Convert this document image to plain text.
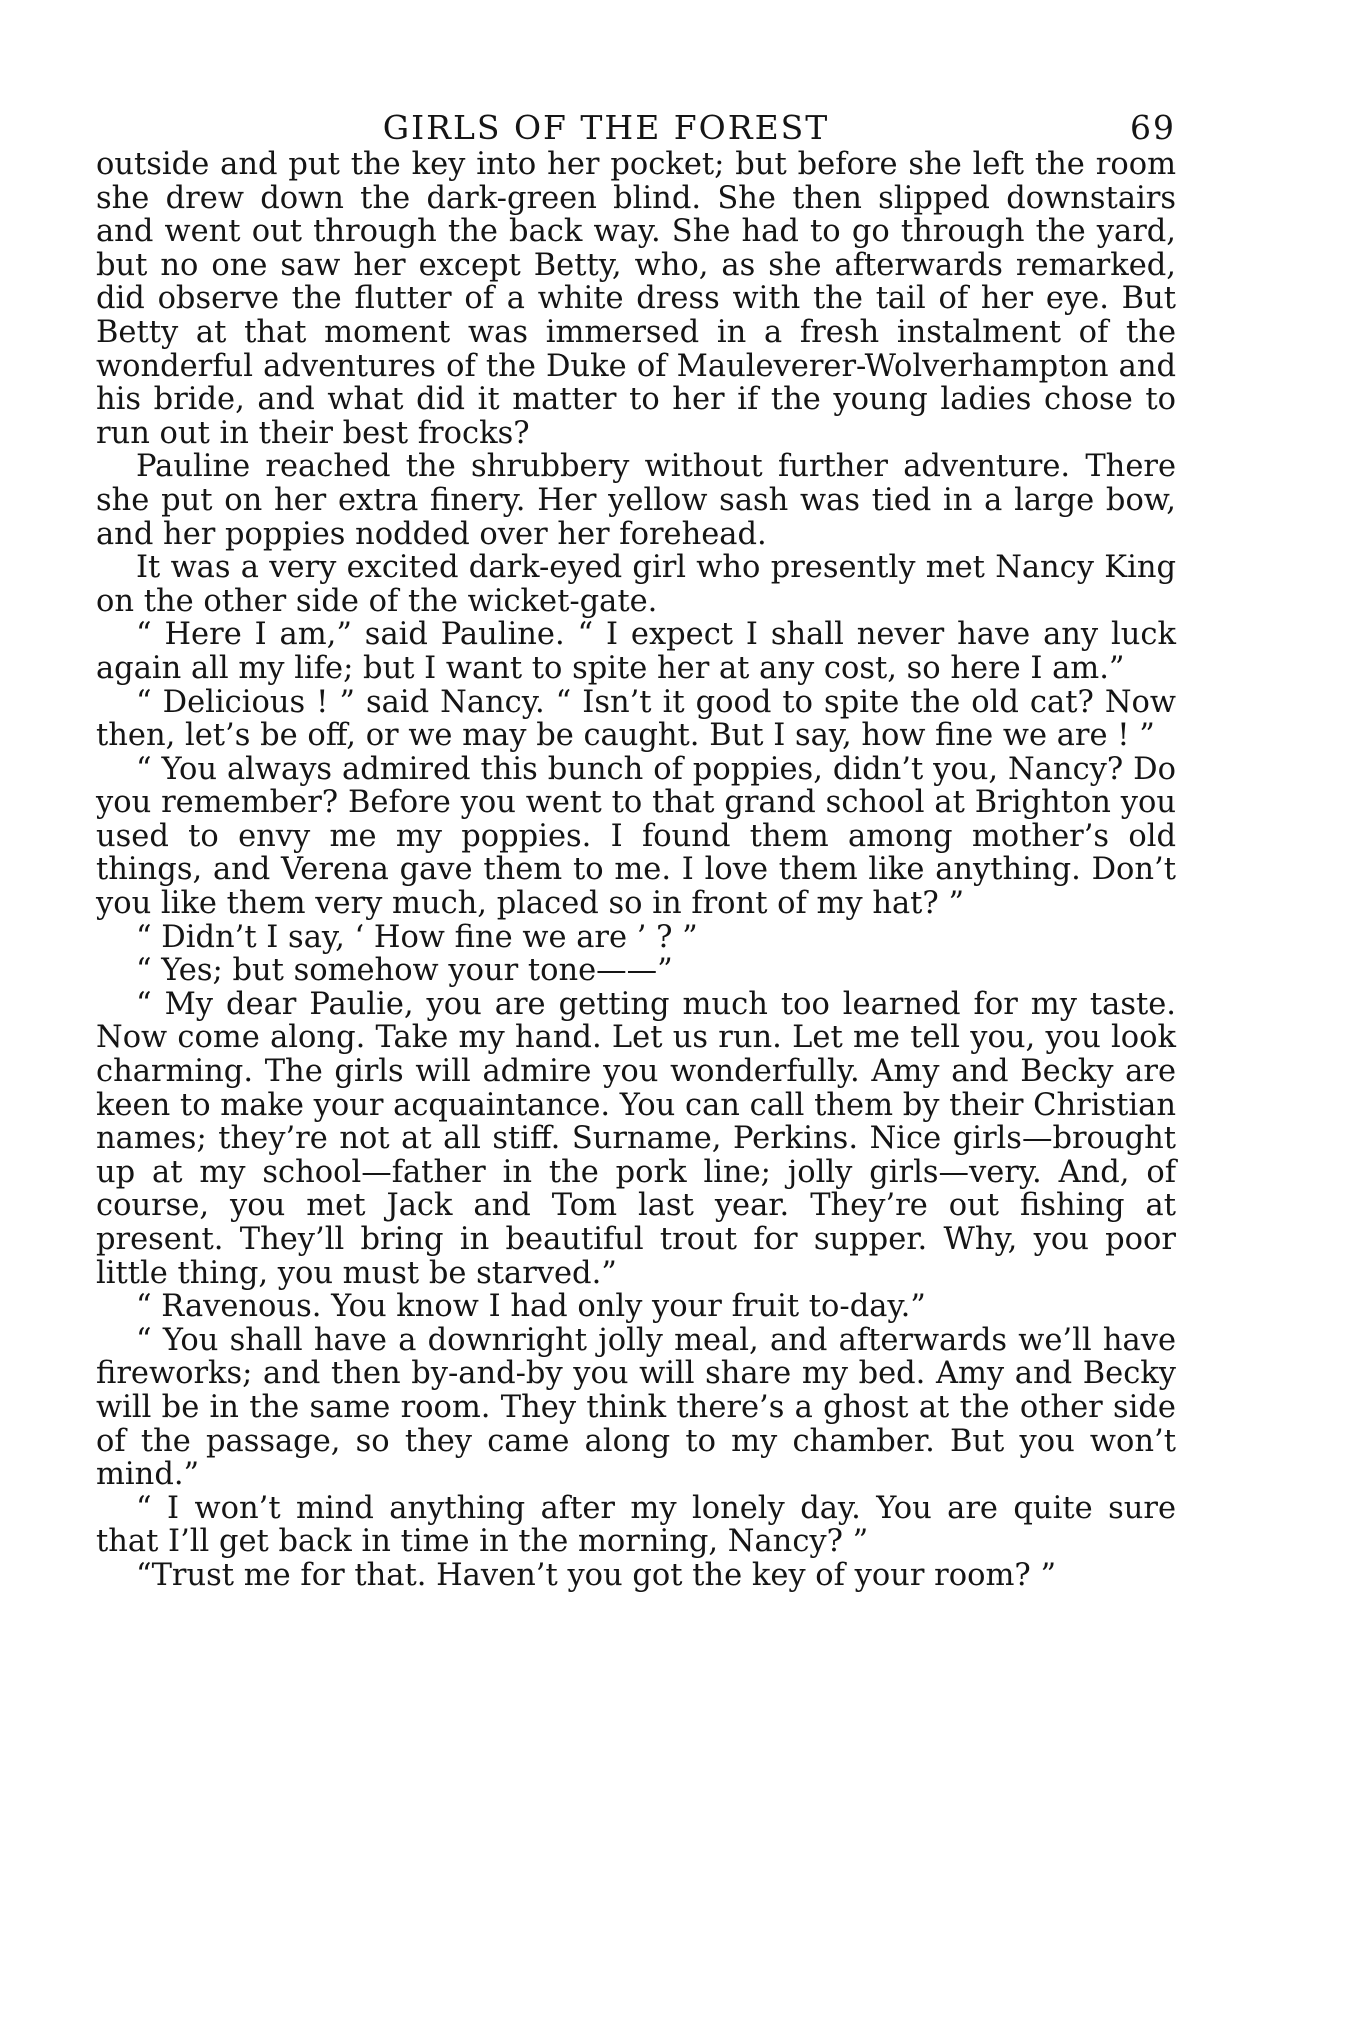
GIRLS OF THE FOREST	69

outside and put the key into her pocket; but before she left the room she drew down the dark-green blind. She then slipped downstairs and went out through the back way. She had to go through the yard, but no one saw her except Betty, who, as she afterwards remarked, did observe the flutter of a white dress with the tail of her eye. But Betty at that moment was immersed in a fresh instalment of the wonderful adventures of the Duke of Mauleverer-Wolverhampton and his bride, and what did it matter to her if the young ladies chose to run out in their best frocks?

Pauline reached the shrubbery without further adventure. There she put on her extra finery. Her yellow sash was tied in a large bow, and her poppies nodded over her forehead.

It was a very excited dark-eyed girl who presently met Nancy King on the other side of the wicket-gate.

“ Here I am,” said Pauline. “ I expect I shall never have any luck again all my life; but I want to spite her at any cost, so here I am.”

“ Delicious ! ” said Nancy. “ Isn’t it good to spite the old cat? Now then, let’s be off, or we may be caught. But I say, how fine we are ! ”

“ You always admired this bunch of poppies, didn’t you, Nancy? Do you remember? Before you went to that grand school at Brighton you used to envy me my poppies. I found them among mother’s old things, and Verena gave them to me. I love them like anything. Don’t you like them very much, placed so in front of my hat? ”

“ Didn’t I say, ‘ How fine we are ’ ? ”

“ Yes; but somehow your tone——”

“ My dear Paulie, you are getting much too learned for my taste. Now come along. Take my hand. Let us run. Let me tell you, you look charming. The girls will admire you wonderfully. Amy and Becky are keen to make your acquaintance. You can call them by their Christian names; they’re not at all stiff. Surname, Perkins. Nice girls—brought up at my school—father in the pork line; jolly girls—very. And, of course, you met Jack and Tom last year. They’re out fishing at present. They’ll bring in beautiful trout for supper. Why, you poor little thing, you must be starved.”

“ Ravenous. You know I had only your fruit to-day.”

“ You shall have a downright jolly meal, and afterwards we’ll have fireworks; and then by-and-by you will share my bed. Amy and Becky will be in the same room. They think there’s a ghost at the other side of the passage, so they came along to my chamber. But you won’t mind.”

“ I won’t mind anything after my lonely day. You are quite sure that I’ll get back in time in the morning, Nancy? ”

“Trust me for that. Haven’t you got the key of your room? ”
